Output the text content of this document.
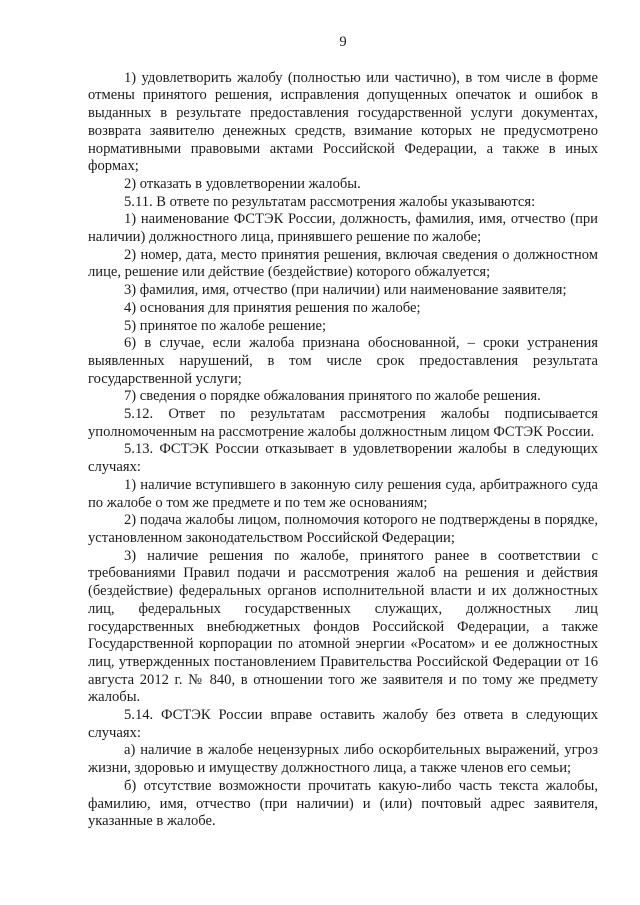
9

1) удовлетворить жалобу (полностью или частично), в том числе в форме отмены принятого решения, исправления допущенных опечаток и ошибок в выданных в результате предоставления государственной услуги документах, возврата заявителю денежных средств, взимание которых не предусмотрено нормативными правовыми актами Российской Федерации, а также в иных формах;

2) отказать в удовлетворении жалобы.

5.11. В ответе по результатам рассмотрения жалобы указываются:

1) наименование ФСТЭК России, должность, фамилия, имя, отчество (при наличии) должностного лица, принявшего решение по жалобе;

2) номер, дата, место принятия решения, включая сведения о должностном лице, решение или действие (бездействие) которого обжалуется;

3) фамилия, имя, отчество (при наличии) или наименование заявителя;

4) основания для принятия решения по жалобе;

5) принятое по жалобе решение;

6) в случае, если жалоба признана обоснованной, – сроки устранения выявленных нарушений, в том числе срок предоставления результата государственной услуги;

7) сведения о порядке обжалования принятого по жалобе решения.

5.12. Ответ по результатам рассмотрения жалобы подписывается уполномоченным на рассмотрение жалобы должностным лицом ФСТЭК России.

5.13. ФСТЭК России отказывает в удовлетворении жалобы в следующих случаях:

1) наличие вступившего в законную силу решения суда, арбитражного суда по жалобе о том же предмете и по тем же основаниям;

2) подача жалобы лицом, полномочия которого не подтверждены в порядке, установленном законодательством Российской Федерации;

3) наличие решения по жалобе, принятого ранее в соответствии с требованиями Правил подачи и рассмотрения жалоб на решения и действия (бездействие) федеральных органов исполнительной власти и их должностных лиц, федеральных государственных служащих, должностных лиц государственных внебюджетных фондов Российской Федерации, а также Государственной корпорации по атомной энергии «Росатом» и ее должностных лиц, утвержденных постановлением Правительства Российской Федерации от 16 августа 2012 г. № 840, в отношении того же заявителя и по тому же предмету жалобы.

5.14. ФСТЭК России вправе оставить жалобу без ответа в следующих случаях:

а) наличие в жалобе нецензурных либо оскорбительных выражений, угроз жизни, здоровью и имуществу должностного лица, а также членов его семьи;

б) отсутствие возможности прочитать какую-либо часть текста жалобы, фамилию, имя, отчество (при наличии) и (или) почтовый адрес заявителя, указанные в жалобе.
